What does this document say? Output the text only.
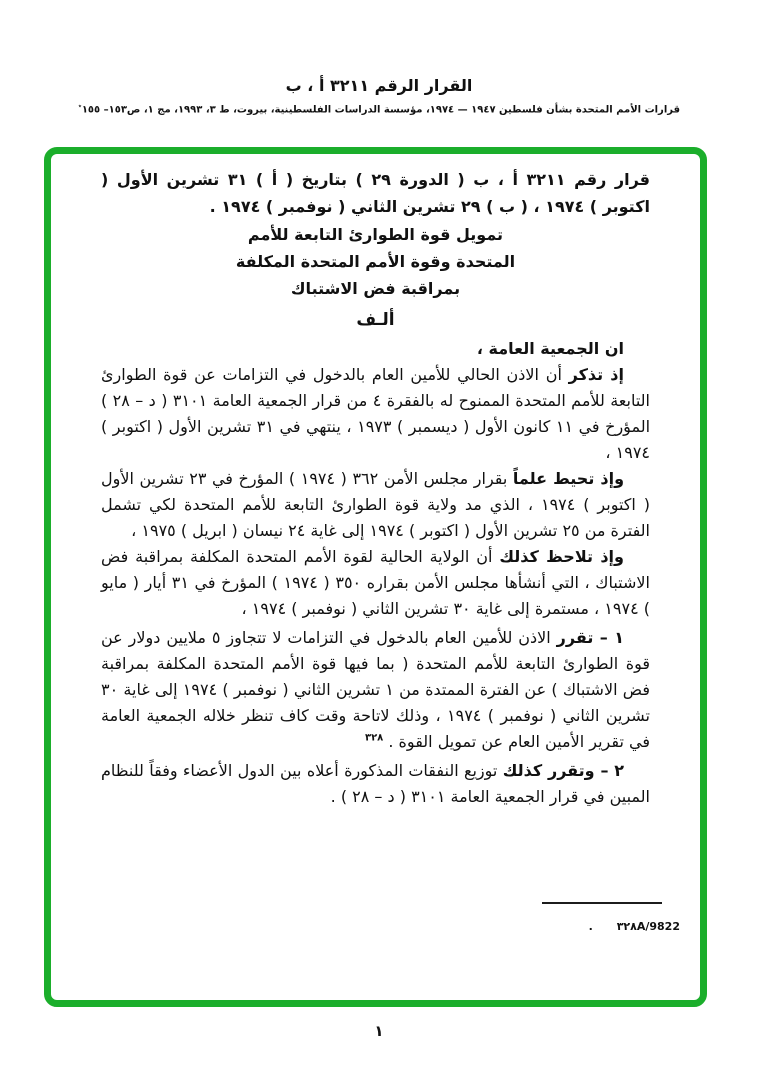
القرار الرقم ٣٢١١ أ ، ب
قرارات الأمم المتحدة بشأن فلسطين ١٩٤٧ — ١٩٧٤، مؤسسة الدراسات الفلسطينية، بيروت، ط ٣، ١٩٩٣، مج ١، ص١٥٣– ١٥٥٭

قرار رقم ٣٢١١ أ ، ب ( الدورة ٢٩ ) بتاريخ ( أ ) ٣١ تشرين الأول ( اكتوبر ) ١٩٧٤ ، ( ب ) ٢٩ تشرين الثاني ( نوفمبر ) ١٩٧٤ .

تمويل قوة الطوارئ التابعة للأمم
المتحدة وقوة الأمم المتحدة المكلفة
بمراقبة فض الاشتباك
ألـف

ان الجمعية العامة ،

إذ تذكر أن الاذن الحالي للأمين العام بالدخول في التزامات عن قوة الطوارئ التابعة للأمم المتحدة الممنوح له بالفقرة ٤ من قرار الجمعية العامة ٣١٠١ ( د – ٢٨ ) المؤرخ في ١١ كانون الأول ( ديسمبر ) ١٩٧٣ ، ينتهي في ٣١ تشرين الأول ( اكتوبر ) ١٩٧٤ ،

وإذ تحيط علماً بقرار مجلس الأمن ٣٦٢ ( ١٩٧٤ ) المؤرخ في ٢٣ تشرين الأول ( اكتوبر ) ١٩٧٤ ، الذي مد ولاية قوة الطوارئ التابعة للأمم المتحدة لكي تشمل الفترة من ٢٥ تشرين الأول ( اكتوبر ) ١٩٧٤ إلى غاية ٢٤ نيسان ( ابريل ) ١٩٧٥ ،

وإذ تلاحظ كذلك أن الولاية الحالية لقوة الأمم المتحدة المكلفة بمراقبة فض الاشتباك ، التي أنشأها مجلس الأمن بقراره ٣٥٠ ( ١٩٧٤ ) المؤرخ في ٣١ أيار ( مايو ) ١٩٧٤ ، مستمرة إلى غاية ٣٠ تشرين الثاني ( نوفمبر ) ١٩٧٤ ،

١ – تقرر الاذن للأمين العام بالدخول في التزامات لا تتجاوز ٥ ملايين دولار عن قوة الطوارئ التابعة للأمم المتحدة ( بما فيها قوة الأمم المتحدة المكلفة بمراقبة فض الاشتباك ) عن الفترة الممتدة من ١ تشرين الثاني ( نوفمبر ) ١٩٧٤ إلى غاية ٣٠ تشرين الثاني ( نوفمبر ) ١٩٧٤ ، وذلك لاتاحة وقت كاف تنظر خلاله الجمعية العامة في تقرير الأمين العام عن تمويل القوة . $^{٣٢٨}$

٢ – وتقرر كذلك توزيع النفقات المذكورة أعلاه بين الدول الأعضاء وفقاً للنظام المبين في قرار الجمعية العامة ٣١٠١ ( د – ٢٨ ) .

٣٢٨A/9822 .
١
